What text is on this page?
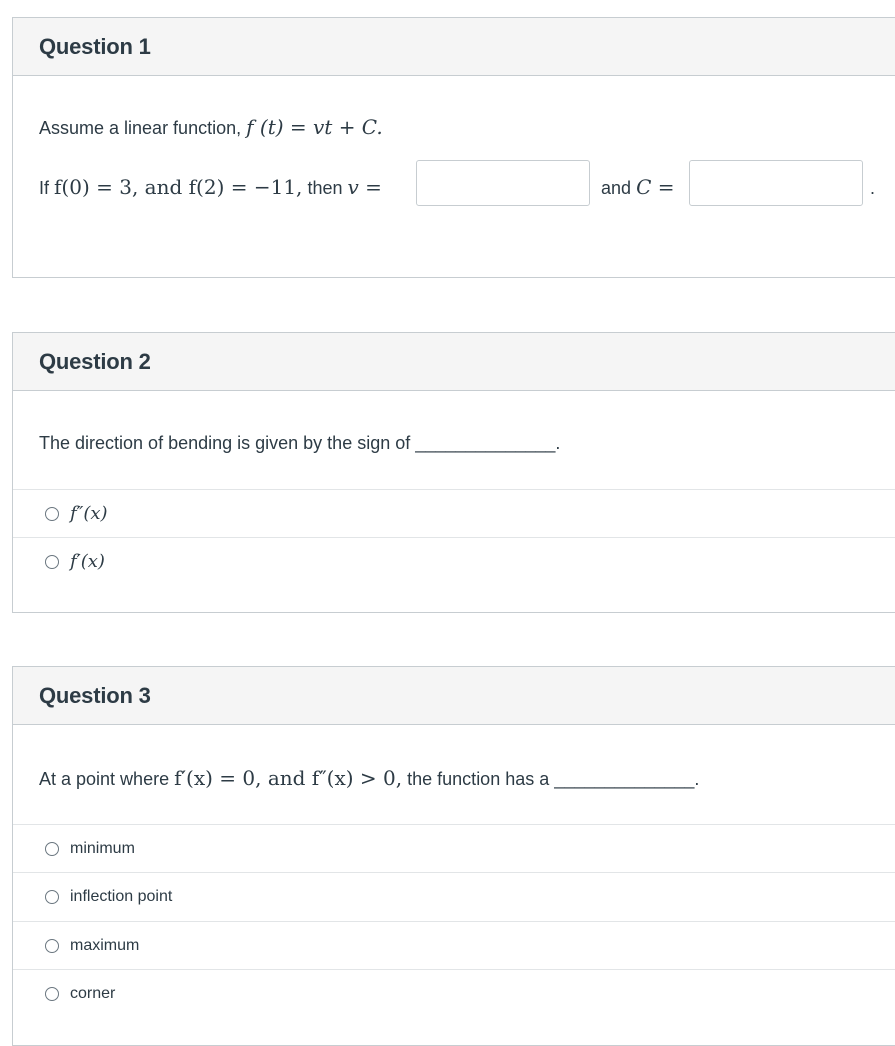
Question 1
Assume a linear function, f (t) = vt + C.
If f(0) = 3, and f(2) = −11, then v =	and C =	.
Question 2
The direction of bending is given by the sign of ______________.
f″(x)
f′(x)
Question 3
At a point where f′(x) = 0, and f″(x) > 0, the function has a ______________.
minimum
inflection point
maximum
corner
